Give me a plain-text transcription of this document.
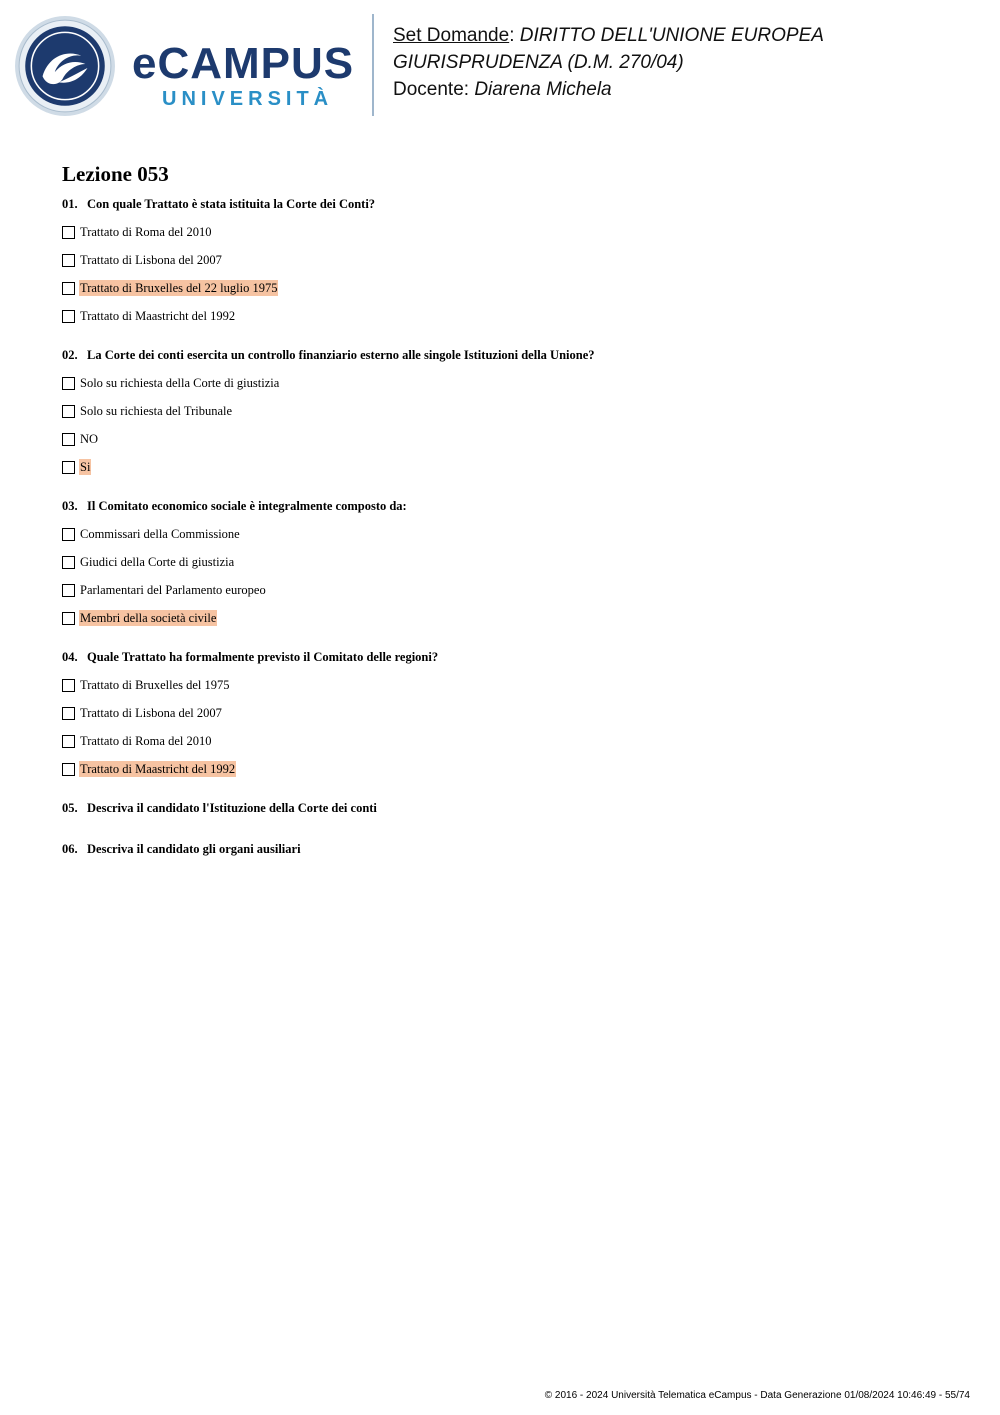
eCAMPUS
UNIVERSITÀ
Set Domande: DIRITTO DELL'UNIONE EUROPEA
GIURISPRUDENZA (D.M. 270/04)
Docente: Diarena Michela
Lezione 053
01. Con quale Trattato è stata istituita la Corte dei Conti?
Trattato di Roma del 2010
Trattato di Lisbona del 2007
Trattato di Bruxelles del 22 luglio 1975
Trattato di Maastricht del 1992
02. La Corte dei conti esercita un controllo finanziario esterno alle singole Istituzioni della Unione?
Solo su richiesta della Corte di giustizia
Solo su richiesta del Tribunale
NO
Si
03. Il Comitato economico sociale è integralmente composto da:
Commissari della Commissione
Giudici della Corte di giustizia
Parlamentari del Parlamento europeo
Membri della società civile
04. Quale Trattato ha formalmente previsto il Comitato delle regioni?
Trattato di Bruxelles del 1975
Trattato di Lisbona del 2007
Trattato di Roma del 2010
Trattato di Maastricht del 1992
05. Descriva il candidato l'Istituzione della Corte dei conti
06. Descriva il candidato gli organi ausiliari
© 2016 - 2024 Università Telematica eCampus - Data Generazione 01/08/2024 10:46:49 - 55/74
